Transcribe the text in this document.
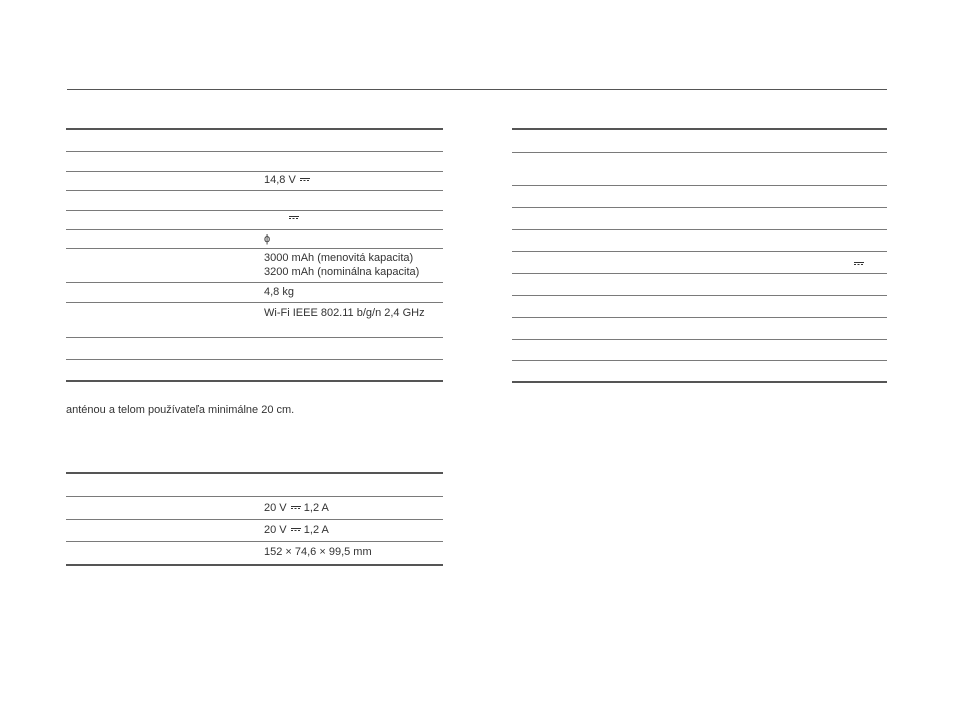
14,8 V
ϕ
3000 mAh (menovitá kapacita)
3200 mAh (nominálna kapacita)
4,8 kg
Wi-Fi IEEE 802.11 b/g/n 2,4 GHz
anténou a telom používateľa minimálne 20 cm.
20 V 1,2 A
20 V 1,2 A
152 × 74,6 × 99,5 mm
